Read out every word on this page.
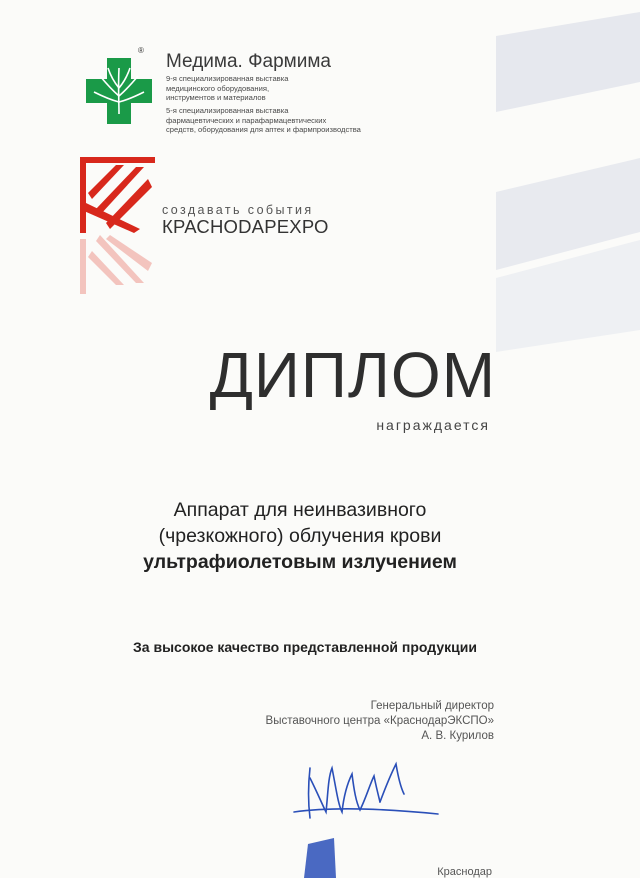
®
Медима. Фармима
9-я специализированная выставка
медицинского оборудования,
инструментов и материалов
5-я специализированная выставка
фармацевтических и парафармацевтических
средств, оборудования для аптек и фармпроизводства
создавать события
КРАСНОDAРЕХРО
ДИПЛОМ
награждается
Аппарат для неинвазивного
(чрезкожного) облучения крови
ультрафиолетовым излучением
За высокое качество представленной продукции
Генеральный директор
Выставочного центра «КраснодарЭКСПО»
А. В. Курилов
Краснодар
